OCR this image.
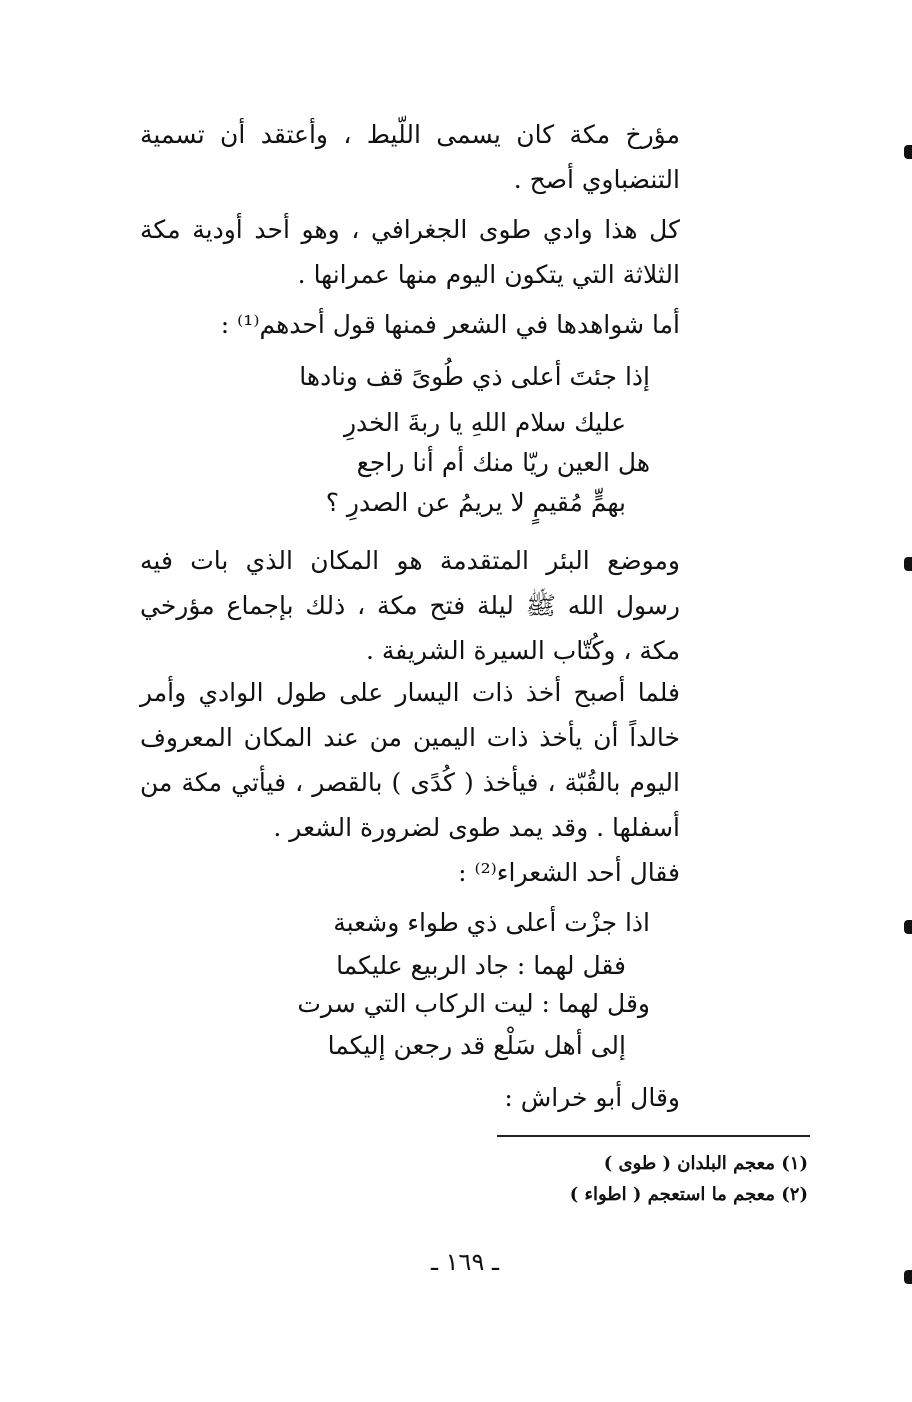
مؤرخ مكة كان يسمى اللّيط ، وأعتقد أن تسمية التنضباوي أصح .
كل هذا وادي طوى الجغرافي ، وهو أحد أودية مكة الثلاثة التي يتكون اليوم منها عمرانها .
أما شواهدها في الشعر فمنها قول أحدهم⁽¹⁾ :
إذا جئتَ أعلى ذي طُوىً قف ونادها
عليك سلام اللهِ يا ربةَ الخدرِ
هل العين ريّا منك أم أنا راجع
بهمٍّ مُقيمٍ لا يريمُ عن الصدرِ ؟
وموضع البئر المتقدمة هو المكان الذي بات فيه رسول الله ﷺ ليلة فتح مكة ، ذلك بإجماع مؤرخي مكة ، وكُتّاب السيرة الشريفة .
فلما أصبح أخذ ذات اليسار على طول الوادي وأمر خالداً أن يأخذ ذات اليمين من عند المكان المعروف اليوم بالقُبّة ، فيأخذ ( كُدًى ) بالقصر ، فيأتي مكة من أسفلها . وقد يمد طوى لضرورة الشعر .
فقال أحد الشعراء⁽²⁾ :
اذا جزْت أعلى ذي طواء وشعبة
فقل لهما : جاد الربيع عليكما
وقل لهما : ليت الركاب التي سرت
إلى أهل سَلْع قد رجعن إليكما
وقال أبو خراش :
(١) معجم البلدان ( طوى )
(٢) معجم ما استعجم ( اطواء )
ـ ١٦٩ ـ
